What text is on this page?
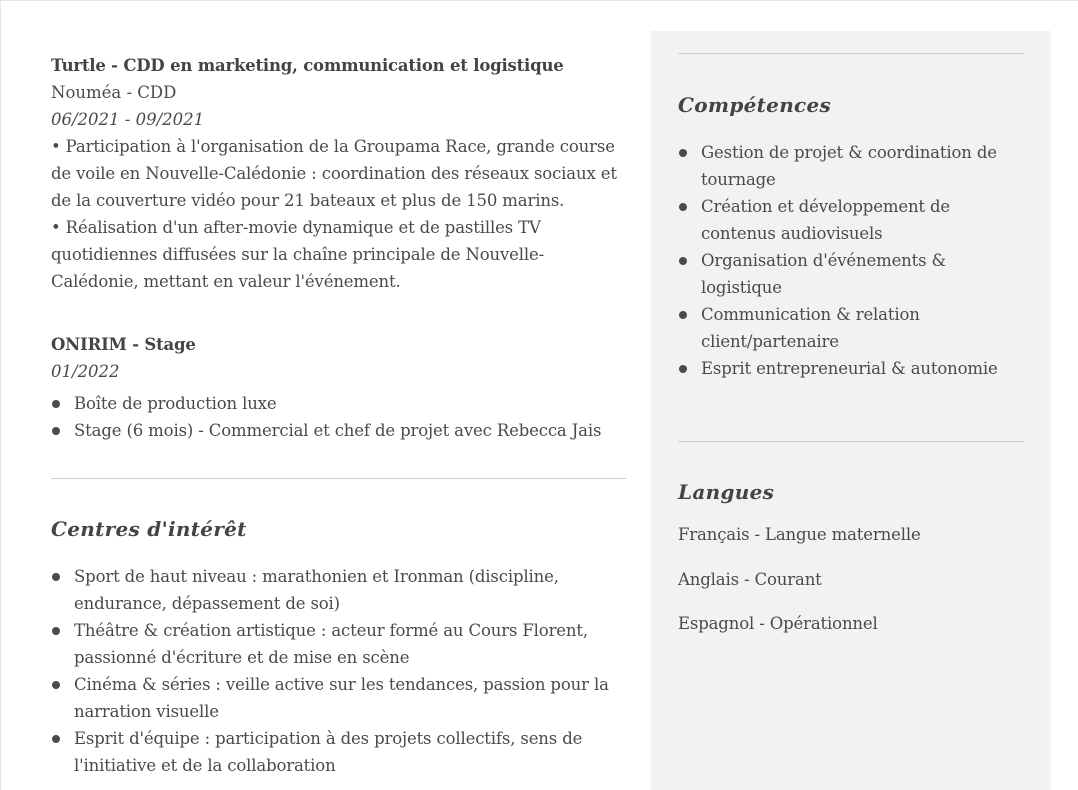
Turtle - CDD en marketing, communication et logistique

Nouméa - CDD

06/2021 - 09/2021

• Participation à l'organisation de la Groupama Race, grande course de voile en Nouvelle-Calédonie : coordination des réseaux sociaux et de la couverture vidéo pour 21 bateaux et plus de 150 marins.

• Réalisation d'un after-movie dynamique et de pastilles TV quotidiennes diffusées sur la chaîne principale de Nouvelle-Calédonie, mettant en valeur l'événement.

ONIRIM - Stage

01/2022

Boîte de production luxe
Stage (6 mois) - Commercial et chef de projet avec Rebecca Jais
Centres d'intérêt
Sport de haut niveau : marathonien et Ironman (discipline, endurance, dépassement de soi)
Théâtre & création artistique : acteur formé au Cours Florent, passionné d'écriture et de mise en scène
Cinéma & séries : veille active sur les tendances, passion pour la narration visuelle
Esprit d'équipe : participation à des projets collectifs, sens de l'initiative et de la collaboration
Compétences
Gestion de projet & coordination de tournage
Création et développement de contenus audiovisuels
Organisation d'événements & logistique
Communication & relation client/partenaire
Esprit entrepreneurial & autonomie
Langues

Français - Langue maternelle

Anglais - Courant

Espagnol - Opérationnel
